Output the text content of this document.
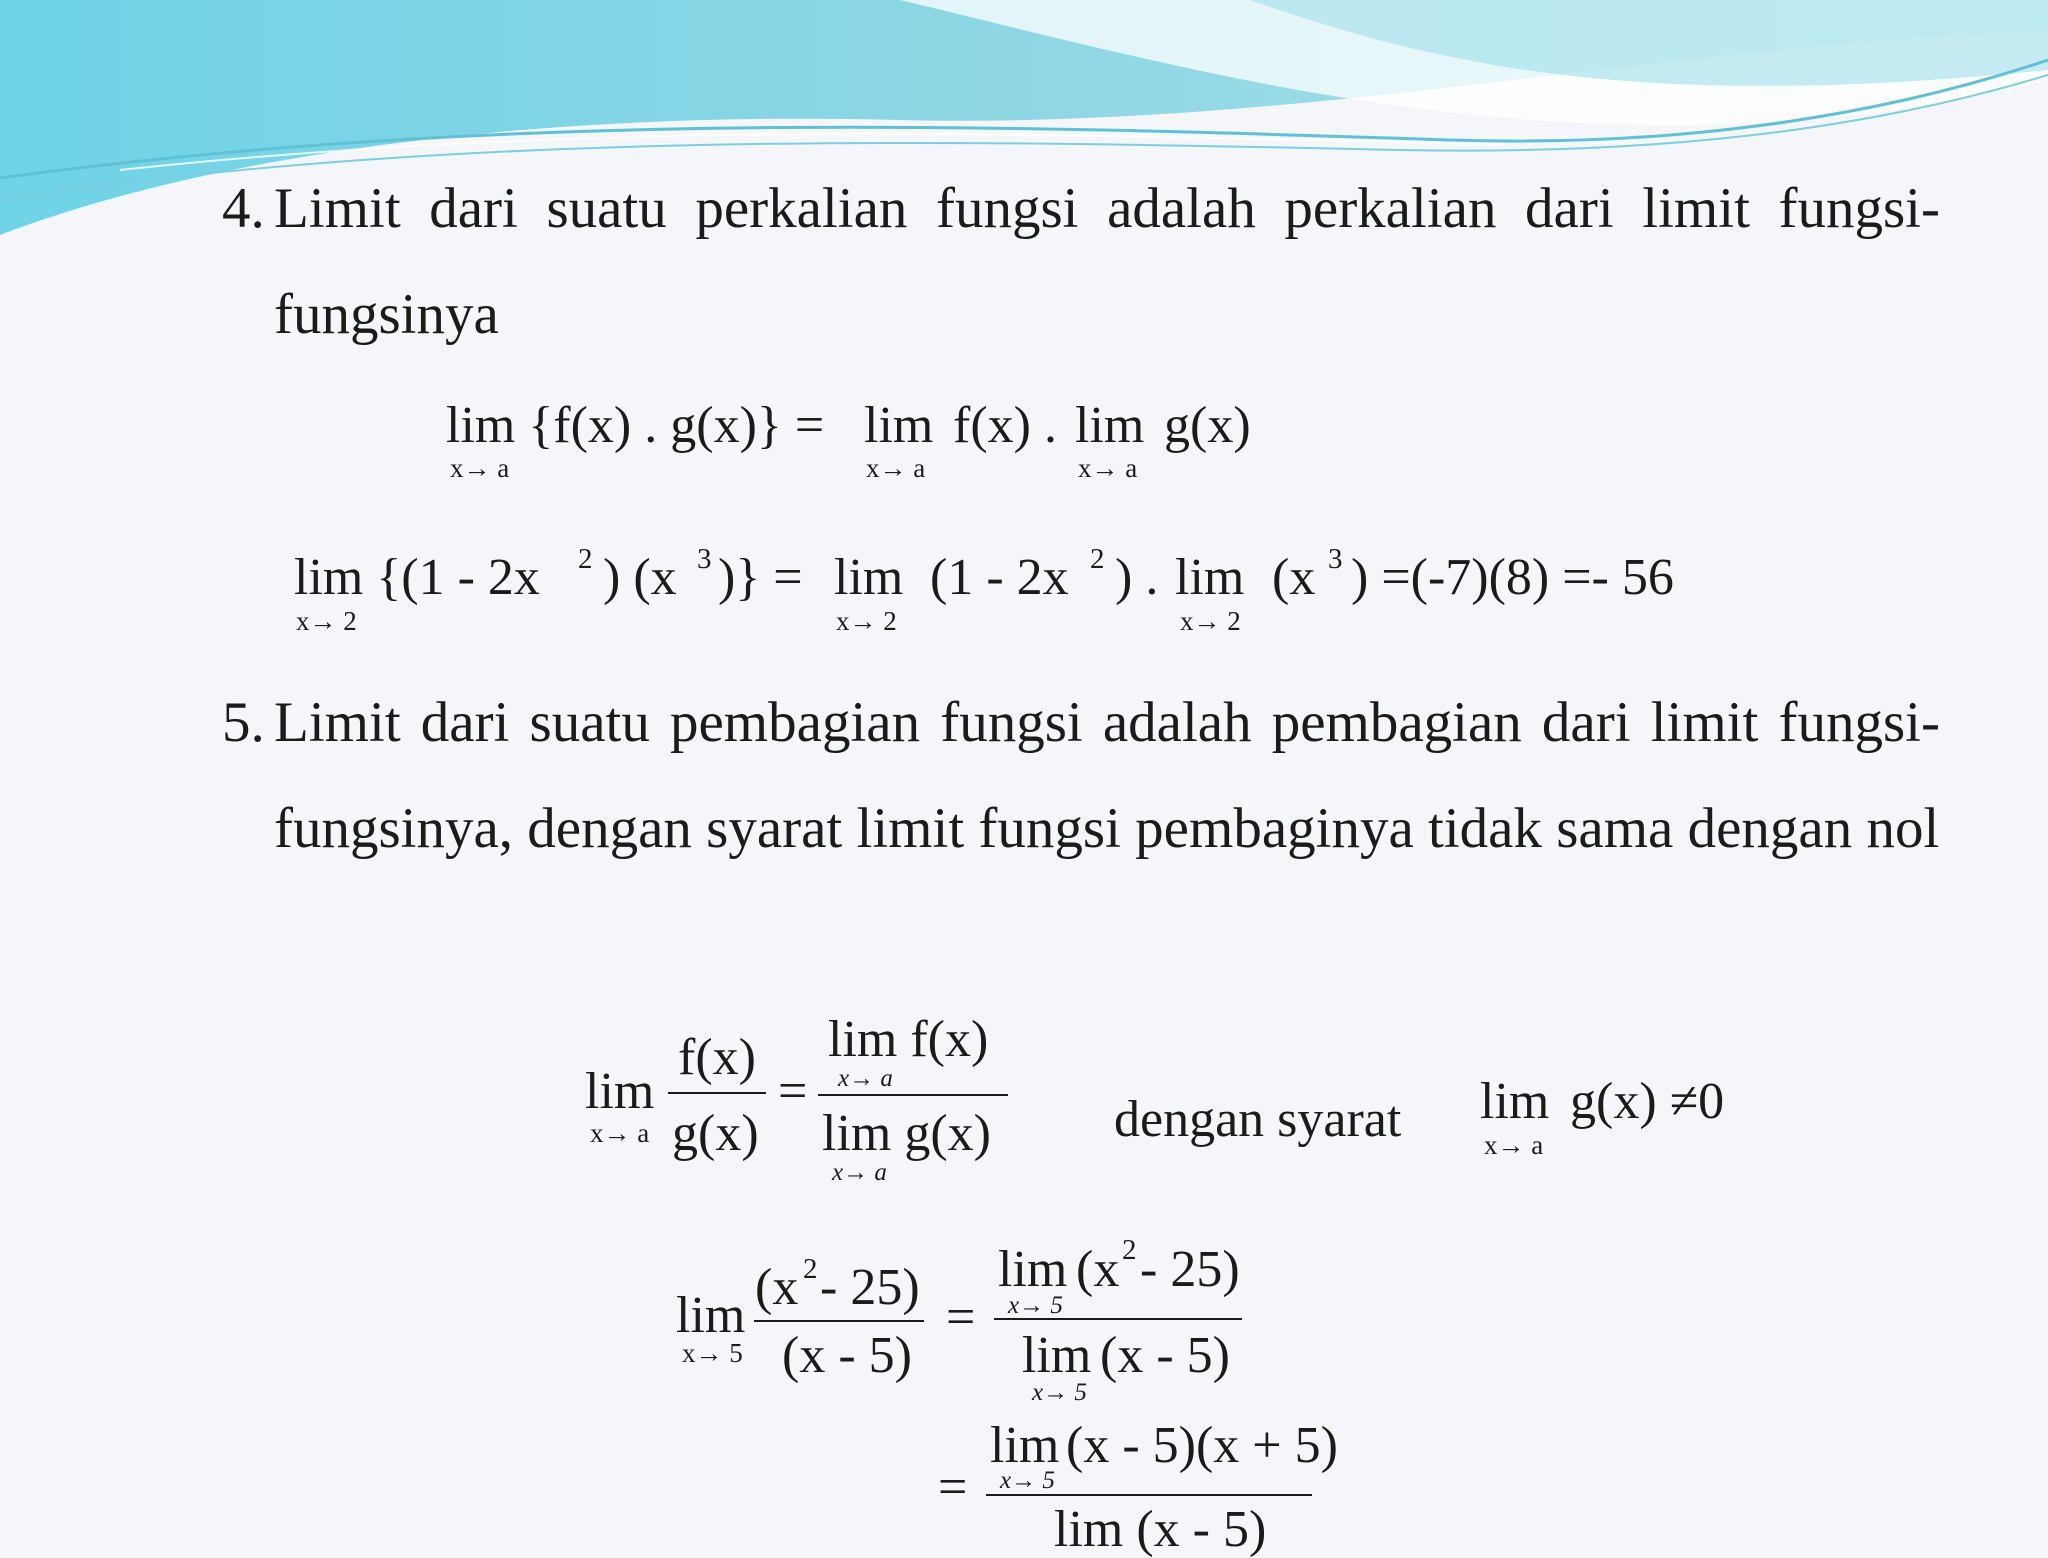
4. Limit dari suatu perkalian fungsi adalah perkalian dari limit fungsi-fungsinya
lim {f(x) . g(x)} = lim f(x) . lim g(x)
x→ a	x→ a	x→ a
lim {(1 - 2x 2 ) (x 3 )} = lim (1 - 2x 2 ) . lim (x 3 ) =(-7)(8) =- 56
x→ 2	x→ 2	x→ 2
5. Limit dari suatu pembagian fungsi adalah pembagian dari limit fungsi-fungsinya, dengan syarat limit fungsi pembaginya tidak sama dengan nol
lim
x→ a
f(x)
g(x)
=
lim f(x)
x→ a
lim g(x)
x→ a
dengan syarat lim
x→ a
g(x) ≠0
lim
x→ 5
(x 2 - 25)
(x - 5)
=
lim
x→ 5
(x 2 - 25)
lim
x→ 5
(x - 5)
=
lim
x→ 5
(x - 5)(x + 5)
lim (x - 5)
